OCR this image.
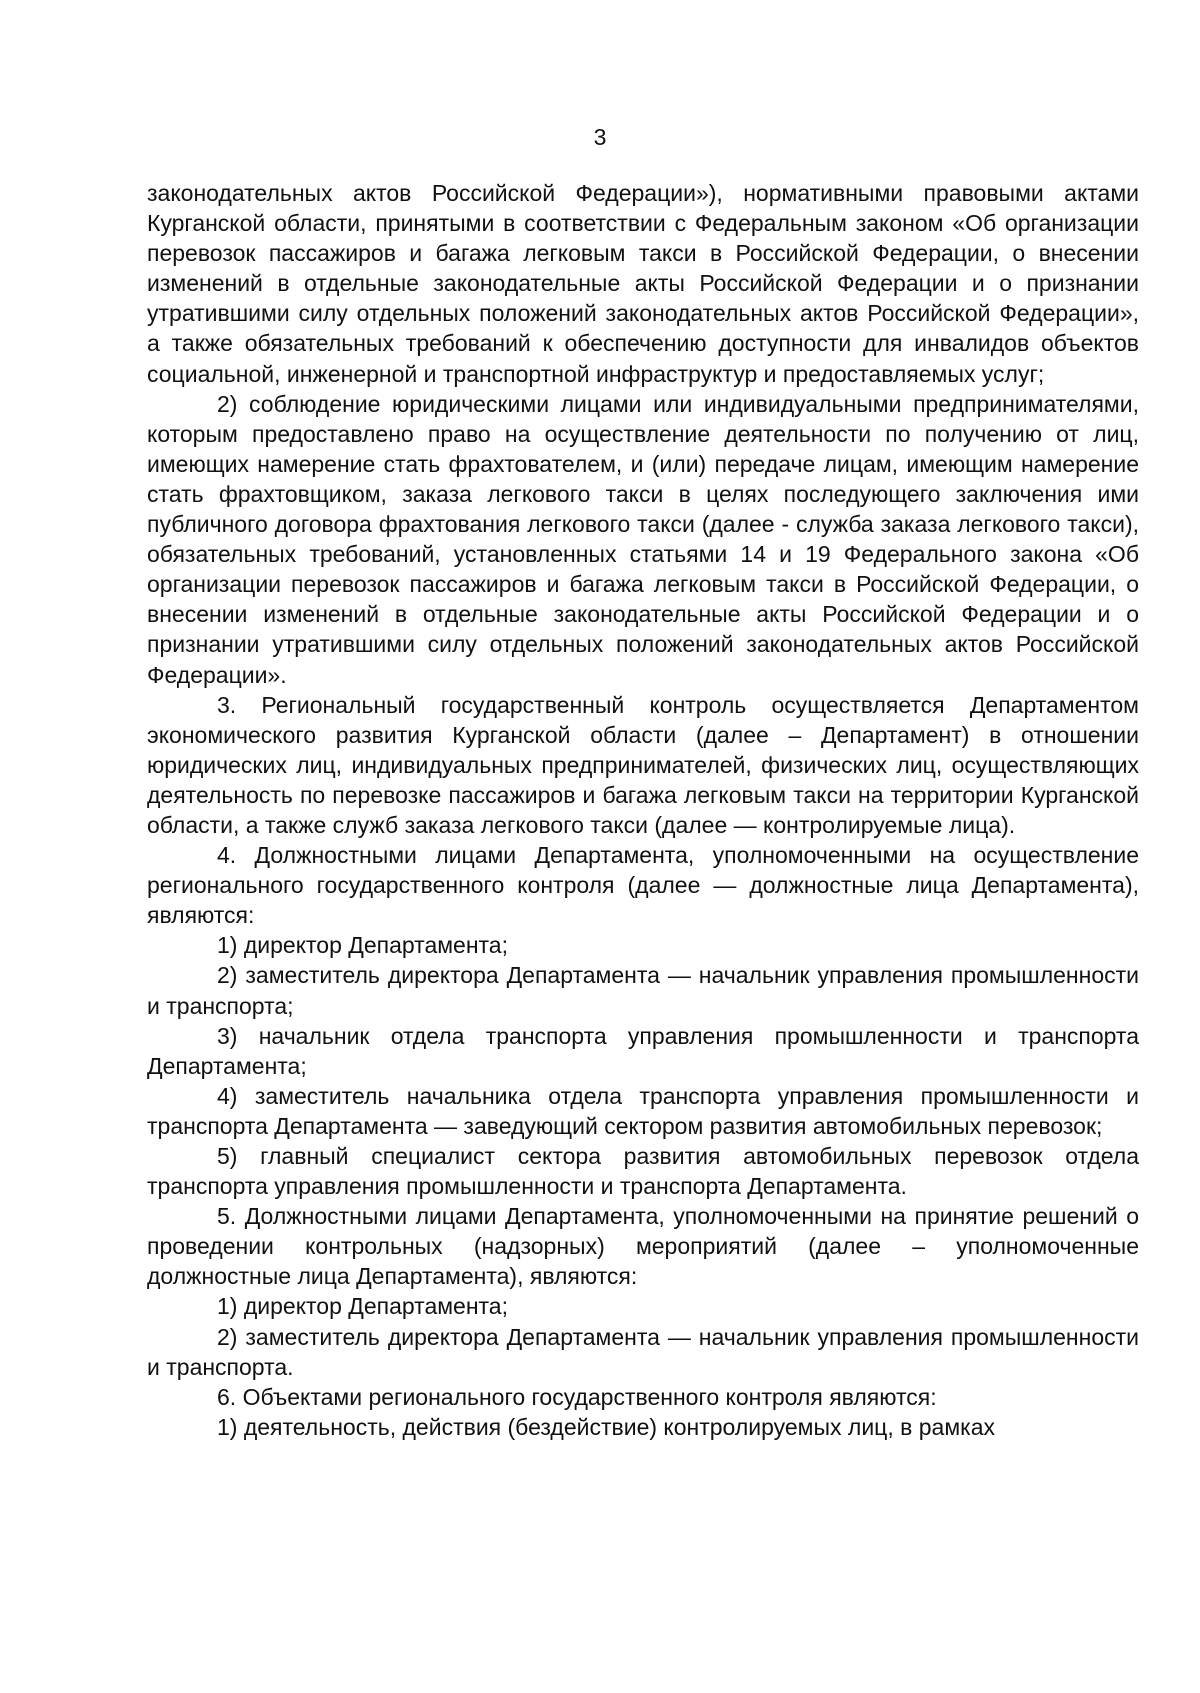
3

законодательных актов Российской Федерации»), нормативными правовыми актами Курганской области, принятыми в соответствии с Федеральным законом «Об организации перевозок пассажиров и багажа легковым такси в Российской Федерации, о внесении изменений в отдельные законодательные акты Российской Федерации и о признании утратившими силу отдельных положений законодательных актов Российской Федерации», а также обязательных требований к обеспечению доступности для инвалидов объектов социальной, инженерной и транспортной инфраструктур и предоставляемых услуг;

2) соблюдение юридическими лицами или индивидуальными предпринимателями, которым предоставлено право на осуществление деятельности по получению от лиц, имеющих намерение стать фрахтователем, и (или) передаче лицам, имеющим намерение стать фрахтовщиком, заказа легкового такси в целях последующего заключения ими публичного договора фрахтования легкового такси (далее - служба заказа легкового такси), обязательных требований, установленных статьями 14 и 19 Федерального закона «Об организации перевозок пассажиров и багажа легковым такси в Российской Федерации, о внесении изменений в отдельные законодательные акты Российской Федерации и о признании утратившими силу отдельных положений законодательных актов Российской Федерации».

3. Региональный государственный контроль осуществляется Департаментом экономического развития Курганской области (далее – Департамент) в отношении юридических лиц, индивидуальных предпринимателей, физических лиц, осуществляющих деятельность по перевозке пассажиров и багажа легковым такси на территории Курганской области, а также служб заказа легкового такси (далее — контролируемые лица).

4. Должностными лицами Департамента, уполномоченными на осуществление регионального государственного контроля (далее — должностные лица Департамента), являются:

1) директор Департамента;

2) заместитель директора Департамента — начальник управления промышленности и транспорта;

3) начальник отдела транспорта управления промышленности и транспорта Департамента;

4) заместитель начальника отдела транспорта управления промышленности и транспорта Департамента — заведующий сектором развития автомобильных перевозок;

5) главный специалист сектора развития автомобильных перевозок отдела транспорта управления промышленности и транспорта Департамента.

5. Должностными лицами Департамента, уполномоченными на принятие решений о проведении контрольных (надзорных) мероприятий (далее – уполномоченные должностные лица Департамента), являются:

1) директор Департамента;

2) заместитель директора Департамента — начальник управления промышленности и транспорта.

6. Объектами регионального государственного контроля являются:

1) деятельность, действия (бездействие) контролируемых лиц, в рамках
